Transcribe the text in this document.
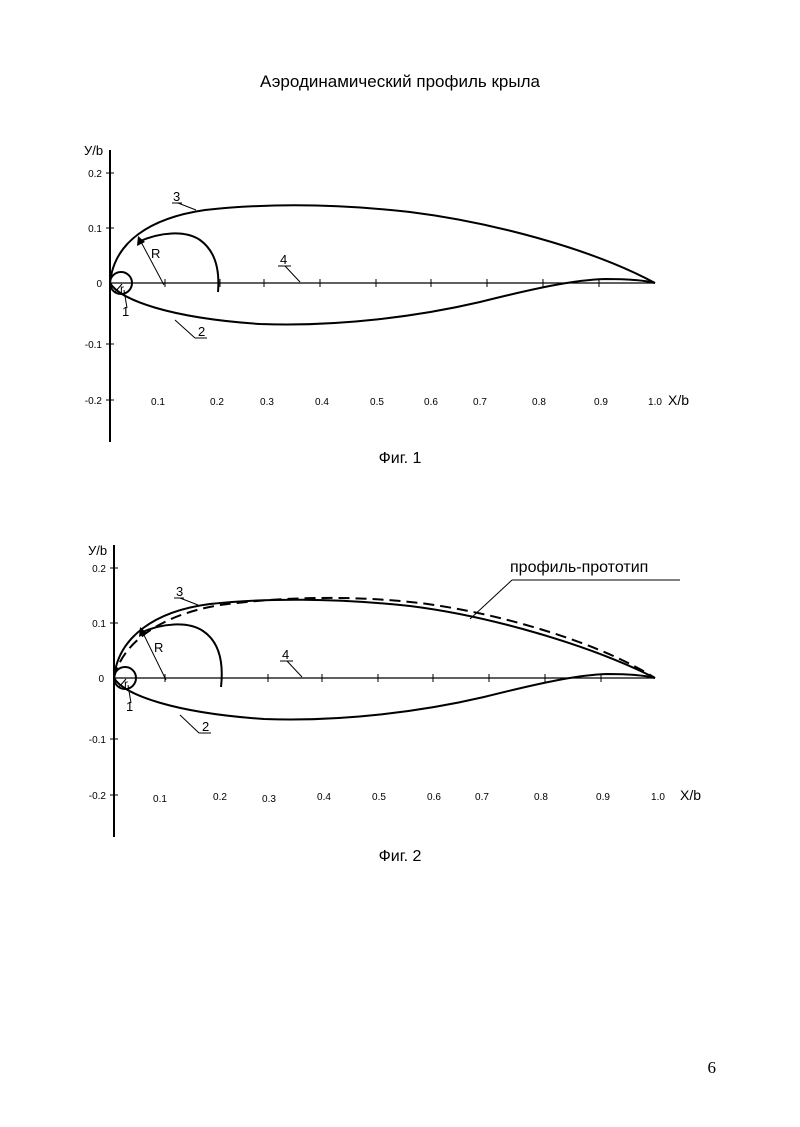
Аэродинамический профиль крыла
У/b
X/b
0.2
0.1
0
-0.1
-0.2	0.1	0.2	0.3	0.4	0.5	0.6	0.7	0.8	0.9	1.0
3
2
1
4
R
r
Фиг. 1
У/b
X/b
0.2
0.1
0
-0.1
-0.2	0.1	0.2	0.3	0.4	0.5	0.6	0.7	0.8	0.9	1.0
3
2
1
4
R
r
профиль-прототип
Фиг. 2
6
